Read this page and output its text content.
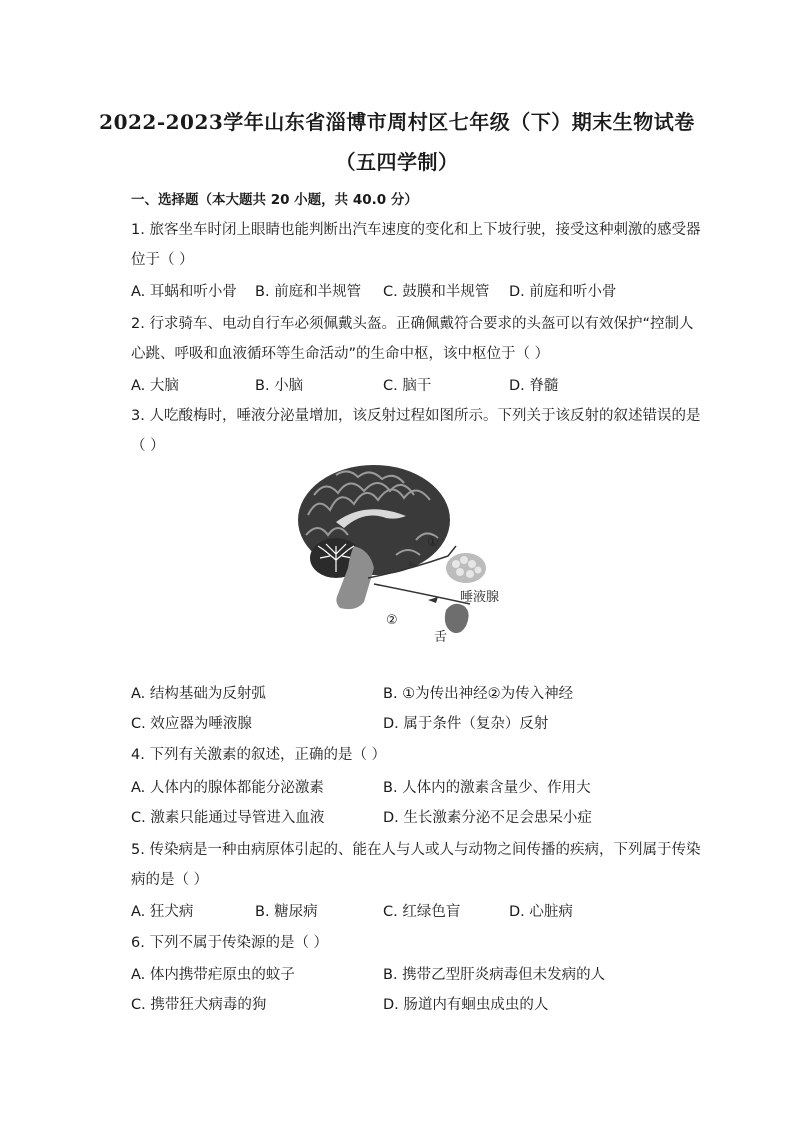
2022-2023学年山东省淄博市周村区七年级（下）期末生物试卷
（五四学制）
一、选择题（本大题共 20 小题，共 40.0 分）
1. 旅客坐车时闭上眼睛也能判断出汽车速度的变化和上下坡行驶，接受这种刺激的感受器
位于（ ）
A. 耳蜗和听小骨 B. 前庭和半规管 C. 鼓膜和半规管 D. 前庭和听小骨
2. 行求骑车、电动自行车必须佩戴头盔。正确佩戴符合要求的头盔可以有效保护“控制人
心跳、呼吸和血液循环等生命活动”的生命中枢，该中枢位于（ ）
A. 大脑	B. 小脑	C. 脑干	D. 脊髓
3. 人吃酸梅时，唾液分泌量增加，该反射过程如图所示。下列关于该反射的叙述错误的是
（ ）
①
②
唾液腺
舌
A. 结构基础为反射弧	B. ①为传出神经②为传入神经
C. 效应器为唾液腺	D. 属于条件（复杂）反射
4. 下列有关激素的叙述，正确的是（ ）
A. 人体内的腺体都能分泌激素	B. 人体内的激素含量少、作用大
C. 激素只能通过导管进入血液	D. 生长激素分泌不足会患呆小症
5. 传染病是一种由病原体引起的、能在人与人或人与动物之间传播的疾病，下列属于传染
病的是（ ）
A. 狂犬病	B. 糖尿病	C. 红绿色盲	D. 心脏病
6. 下列不属于传染源的是（ ）
A. 体内携带疟原虫的蚊子	B. 携带乙型肝炎病毒但未发病的人
C. 携带狂犬病毒的狗	D. 肠道内有蛔虫成虫的人
